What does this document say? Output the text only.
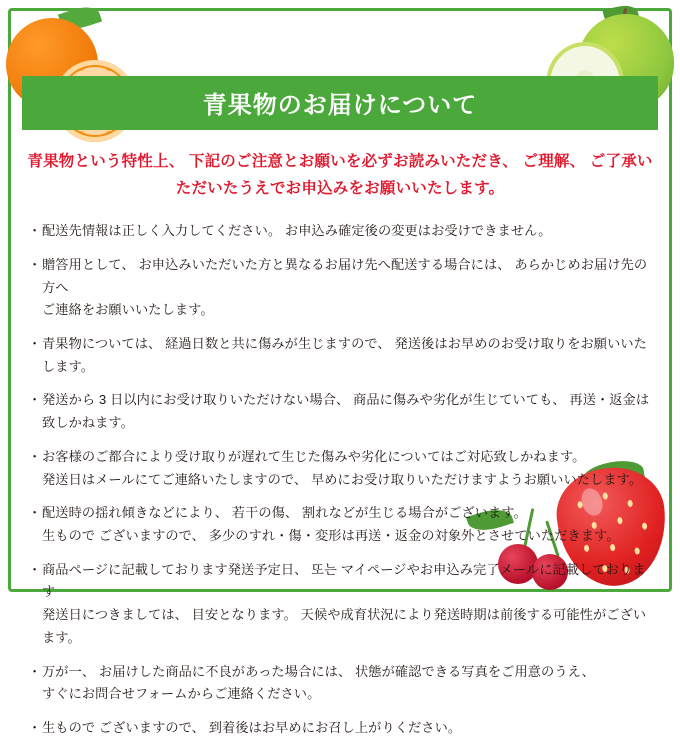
青果物のお届けについて
青果物という特性上、 下記のご注意とお願いを必ずお読みいただき、 ご理解、 ご了承いただいたうえでお申込みをお願いいたします。
・ 配送先情報は正しく入力してください。 お申込み確定後の変更はお受けできません。
・ 贈答用として、 お申込みいただいた方と異なるお届け先へ配送する場合には、 あらかじめお届け先の方へ
ご連絡をお願いいたします。
・ 青果物については、 経過日数と共に傷みが生じますので、 発送後はお早めのお受け取りをお願いいたします。
・ 発送から 3 日以内にお受け取りいただけない場合、 商品に傷みや劣化が生じていても、 再送・返金は致しかねます。
・ お客様のご都合により受け取りが遅れて生じた傷みや劣化についてはご対応致しかねます。
発送日はメールにてご連絡いたしますので、 早めにお受け取りいただけますようお願いいたします。
・ 配送時の揺れ傾きなどにより、 若干の傷、 割れなどが生じる場合がございます。
生もので ございますので、 多少のすれ・傷・変形は再送・返金の対象外とさせていただきます。
・ 商品ページに記載しております発送予定日、 또는 マイページやお申込み完了メールに記載しております
発送日につきましては、 目安となります。 天候や成育状況により発送時期は前後する可能性がございます。
・ 万が一、 お届けした商品に不良があった場合には、 状態が確認できる写真をご用意のうえ、
すぐにお問合せフォームからご連絡ください。
・ 生もので ございますので、 到着後はお早めにお召し上がりください。
